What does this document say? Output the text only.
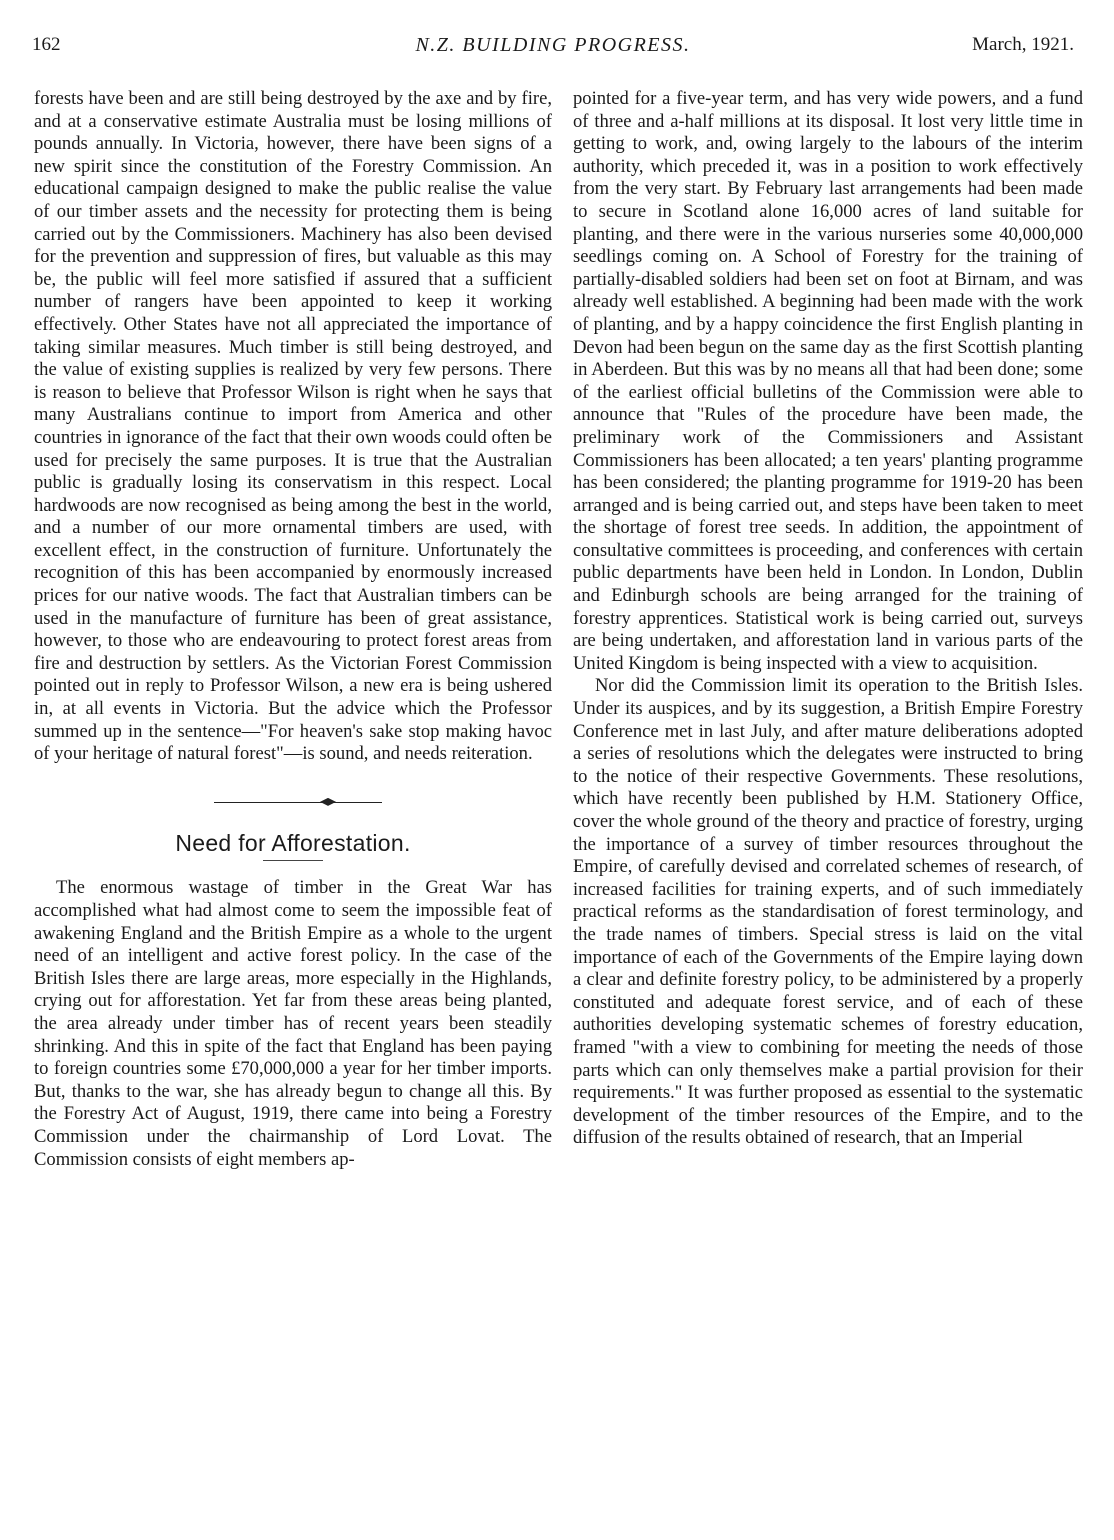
162	N.Z. BUILDING PROGRESS.	March, 1921.

forests have been and are still being destroyed by the axe and by fire, and at a conservative estimate Australia must be losing millions of pounds annually. In Victoria, however, there have been signs of a new spirit since the constitution of the Forestry Commission. An educational campaign designed to make the public realise the value of our timber assets and the necessity for protecting them is being carried out by the Commissioners. Machinery has also been devised for the prevention and suppression of fires, but valuable as this may be, the public will feel more satisfied if assured that a sufficient number of rangers have been appointed to keep it working effectively. Other States have not all appreciated the importance of taking similar measures. Much timber is still being destroyed, and the value of existing supplies is realized by very few persons. There is reason to believe that Professor Wilson is right when he says that many Australians continue to import from America and other countries in ignorance of the fact that their own woods could often be used for precisely the same purposes. It is true that the Australian public is gradually losing its conservatism in this respect. Local hardwoods are now recognised as being among the best in the world, and a number of our more ornamental timbers are used, with excellent effect, in the construction of furniture. Unfortunately the recognition of this has been accompanied by enormously increased prices for our native woods. The fact that Australian timbers can be used in the manufacture of furniture has been of great assistance, however, to those who are endeavouring to protect forest areas from fire and destruction by settlers. As the Victorian Forest Commission pointed out in reply to Professor Wilson, a new era is being ushered in, at all events in Victoria. But the advice which the Professor summed up in the sentence—"For heaven's sake stop making havoc of your heritage of natural forest"—is sound, and needs reiteration.

Need for Afforestation.

The enormous wastage of timber in the Great War has accomplished what had almost come to seem the impossible feat of awakening England and the British Empire as a whole to the urgent need of an intelligent and active forest policy. In the case of the British Isles there are large areas, more especially in the Highlands, crying out for afforestation. Yet far from these areas being planted, the area already under timber has of recent years been steadily shrinking. And this in spite of the fact that England has been paying to foreign countries some £70,000,000 a year for her timber imports. But, thanks to the war, she has already begun to change all this. By the Forestry Act of August, 1919, there came into being a Forestry Commission under the chairmanship of Lord Lovat. The Commission consists of eight members ap-

pointed for a five-year term, and has very wide powers, and a fund of three and a-half millions at its disposal. It lost very little time in getting to work, and, owing largely to the labours of the interim authority, which preceded it, was in a position to work effectively from the very start. By February last arrangements had been made to secure in Scotland alone 16,000 acres of land suitable for planting, and there were in the various nurseries some 40,000,000 seedlings coming on. A School of Forestry for the training of partially-disabled soldiers had been set on foot at Birnam, and was already well established. A beginning had been made with the work of planting, and by a happy coincidence the first English planting in Devon had been begun on the same day as the first Scottish planting in Aberdeen. But this was by no means all that had been done; some of the earliest official bulletins of the Commission were able to announce that "Rules of the procedure have been made, the preliminary work of the Commissioners and Assistant Commissioners has been allocated; a ten years' planting programme has been considered; the planting programme for 1919-20 has been arranged and is being carried out, and steps have been taken to meet the shortage of forest tree seeds. In addition, the appointment of consultative committees is proceeding, and conferences with certain public departments have been held in London. In London, Dublin and Edinburgh schools are being arranged for the training of forestry apprentices. Statistical work is being carried out, surveys are being undertaken, and afforestation land in various parts of the United Kingdom is being inspected with a view to acquisition.

Nor did the Commission limit its operation to the British Isles. Under its auspices, and by its suggestion, a British Empire Forestry Conference met in last July, and after mature deliberations adopted a series of resolutions which the delegates were instructed to bring to the notice of their respective Governments. These resolutions, which have recently been published by H.M. Stationery Office, cover the whole ground of the theory and practice of forestry, urging the importance of a survey of timber resources throughout the Empire, of carefully devised and correlated schemes of research, of increased facilities for training experts, and of such immediately practical reforms as the standardisation of forest terminology, and the trade names of timbers. Special stress is laid on the vital importance of each of the Governments of the Empire laying down a clear and definite forestry policy, to be administered by a properly constituted and adequate forest service, and of each of these authorities developing systematic schemes of forestry education, framed "with a view to combining for meeting the needs of those parts which can only themselves make a partial provision for their requirements." It was further proposed as essential to the systematic development of the timber resources of the Empire, and to the diffusion of the results obtained of research, that an Imperial
